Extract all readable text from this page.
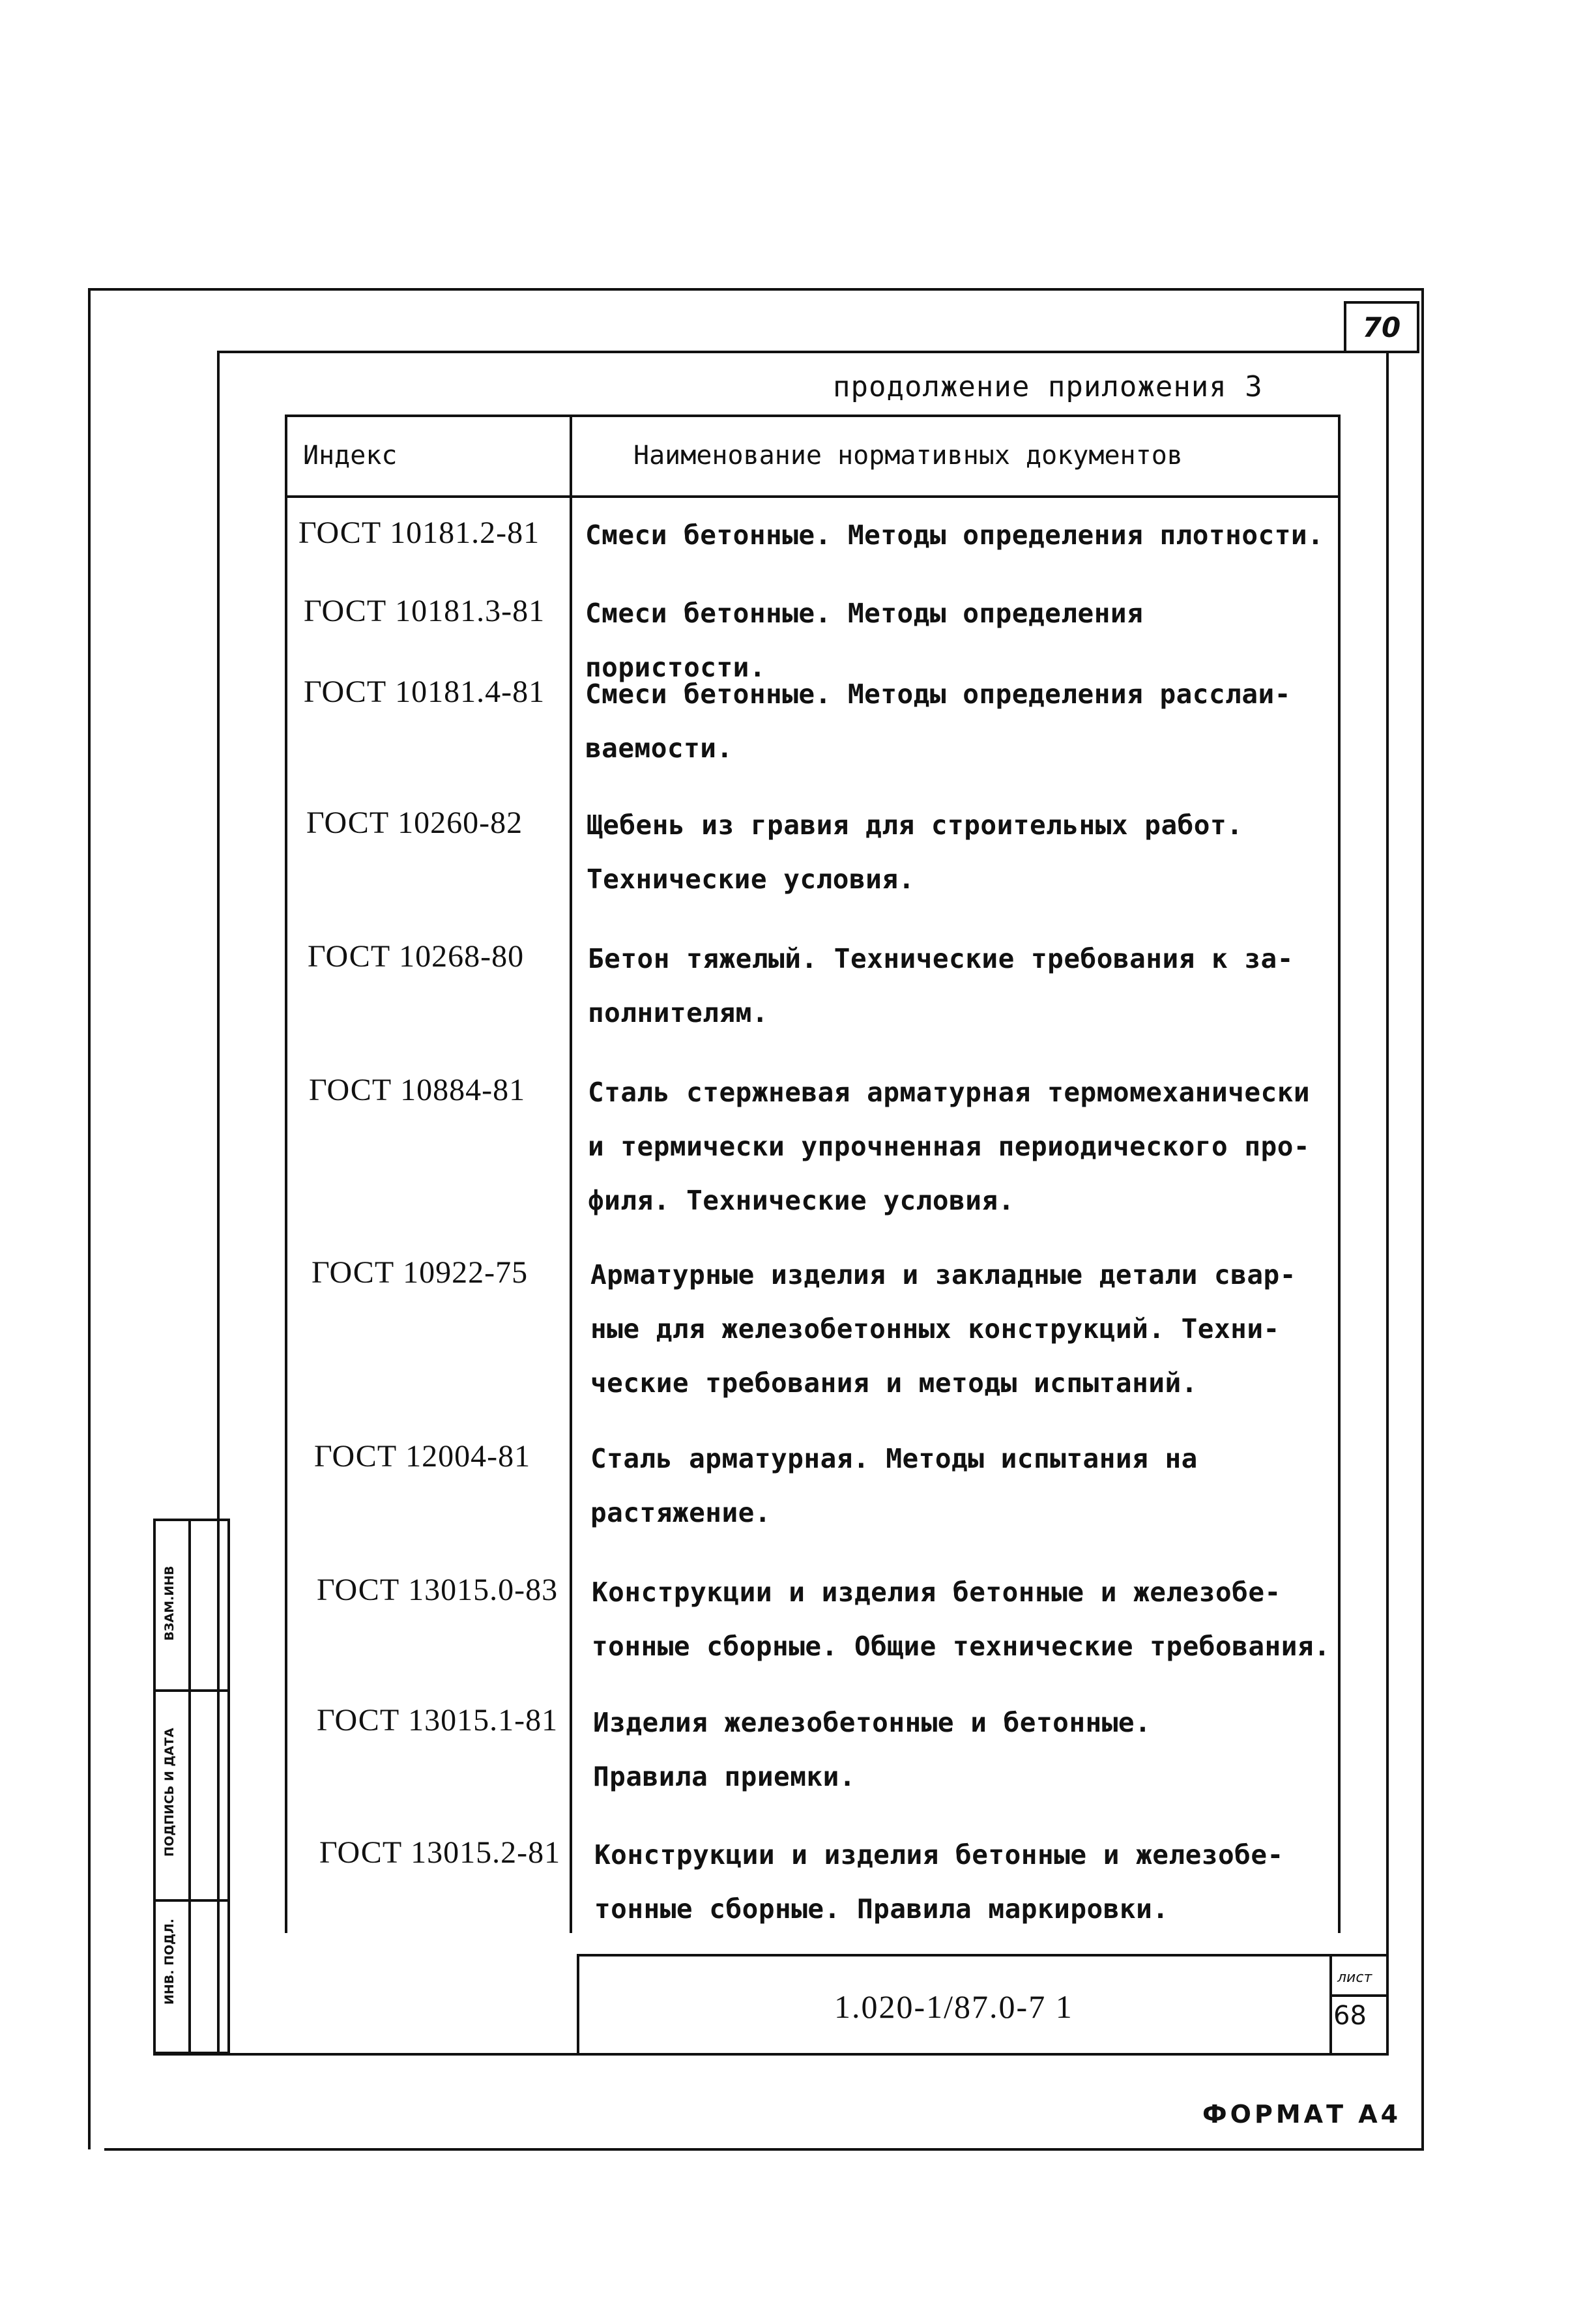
70
продолжение приложения 3
Индекс	Наименование нормативных документов
ГОСТ 10181.2-81 Смеси бетонные. Методы определения плотности.
ГОСТ 10181.3-81 Смеси бетонные. Методы определения пористости.
ГОСТ 10181.4-81 Смеси бетонные. Методы определения расслаи-
ваемости.
ГОСТ 10260-82 Щебень из гравия для строительных работ.
Технические условия.
ГОСТ 10268-80 Бетон тяжелый. Технические требования к за-
полнителям.
ГОСТ 10884-81 Сталь стержневая арматурная термомеханически
и термически упрочненная периодического про-
филя. Технические условия.
ГОСТ 10922-75 Арматурные изделия и закладные детали свар-
ные для железобетонных конструкций. Техни-
ческие требования и методы испытаний.
ГОСТ 12004-81 Сталь арматурная. Методы испытания на
растяжение.
ГОСТ 13015.0-83 Конструкции и изделия бетонные и железобе-
тонные сборные. Общие технические требования.
ГОСТ 13015.1-81 Изделия железобетонные и бетонные.
Правила приемки.
ГОСТ 13015.2-81 Конструкции и изделия бетонные и железобе-
тонные сборные. Правила маркировки.
1.020-1/87.0-7 1
лист
68
ВЗАМ.ИНВ
ПОДПИСЬ И ДАТА
ИНВ. ПОДЛ.
ФОРМАТ А4
